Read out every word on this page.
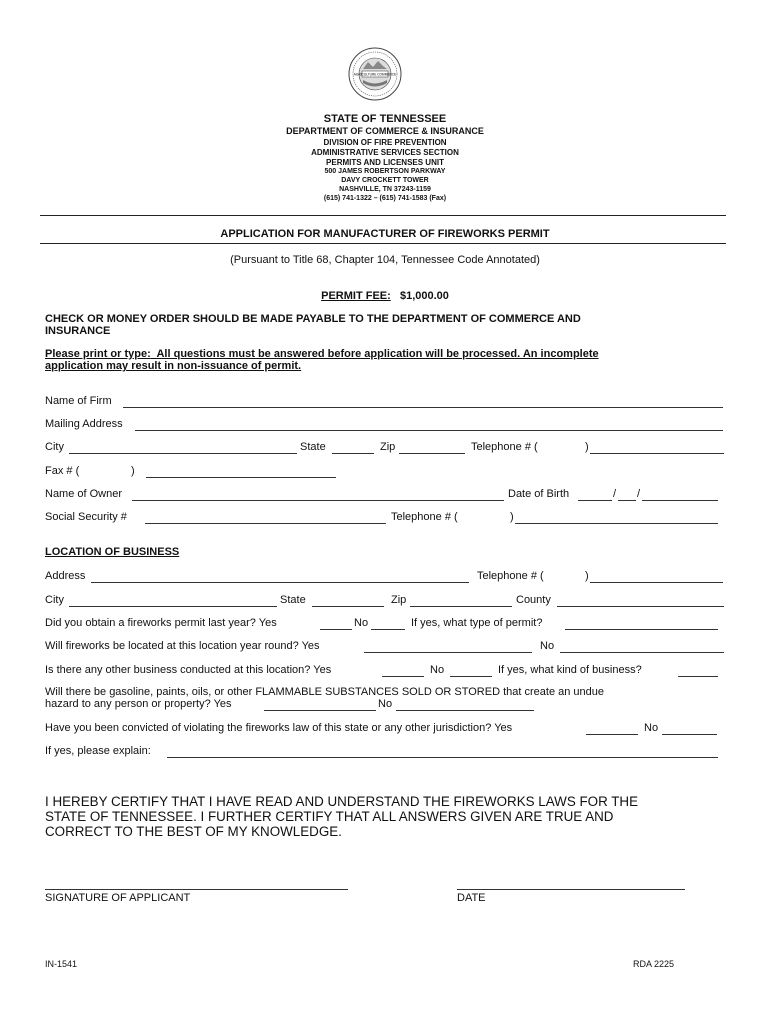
AGRICULTURE COMMERCE
STATE OF TENNESSEE
DEPARTMENT OF COMMERCE & INSURANCE
DIVISION OF FIRE PREVENTION
ADMINISTRATIVE SERVICES SECTION
PERMITS AND LICENSES UNIT
500 JAMES ROBERTSON PARKWAY
DAVY CROCKETT TOWER
NASHVILLE, TN 37243-1159
(615) 741-1322 – (615) 741-1583 (Fax)
APPLICATION FOR MANUFACTURER OF FIREWORKS PERMIT
(Pursuant to Title 68, Chapter 104, Tennessee Code Annotated)
PERMIT FEE: $1,000.00
CHECK OR MONEY ORDER SHOULD BE MADE PAYABLE TO THE DEPARTMENT OF COMMERCE AND
INSURANCE
Please print or type: All questions must be answered before application will be processed. An incomplete
application may result in non-issuance of permit.
Name of Firm
Mailing Address
City	State	Zip	Telephone # (	)
Fax # (	)
Name of Owner	Date of Birth	/ /
Social Security #	Telephone # (	)
LOCATION OF BUSINESS
Address	Telephone # (	)
City	State	Zip	County
Did you obtain a fireworks permit last year? Yes	No	If yes, what type of permit?
Will fireworks be located at this location year round? Yes	No
Is there any other business conducted at this location? Yes	No	If yes, what kind of business?
Will there be gasoline, paints, oils, or other FLAMMABLE SUBSTANCES SOLD OR STORED that create an undue
hazard to any person or property? Yes	No
Have you been convicted of violating the fireworks law of this state or any other jurisdiction? Yes	No
If yes, please explain:
I HEREBY CERTIFY THAT I HAVE READ AND UNDERSTAND THE FIREWORKS LAWS FOR THE
STATE OF TENNESSEE. I FURTHER CERTIFY THAT ALL ANSWERS GIVEN ARE TRUE AND
CORRECT TO THE BEST OF MY KNOWLEDGE.
SIGNATURE OF APPLICANT	DATE
IN-1541	RDA 2225
